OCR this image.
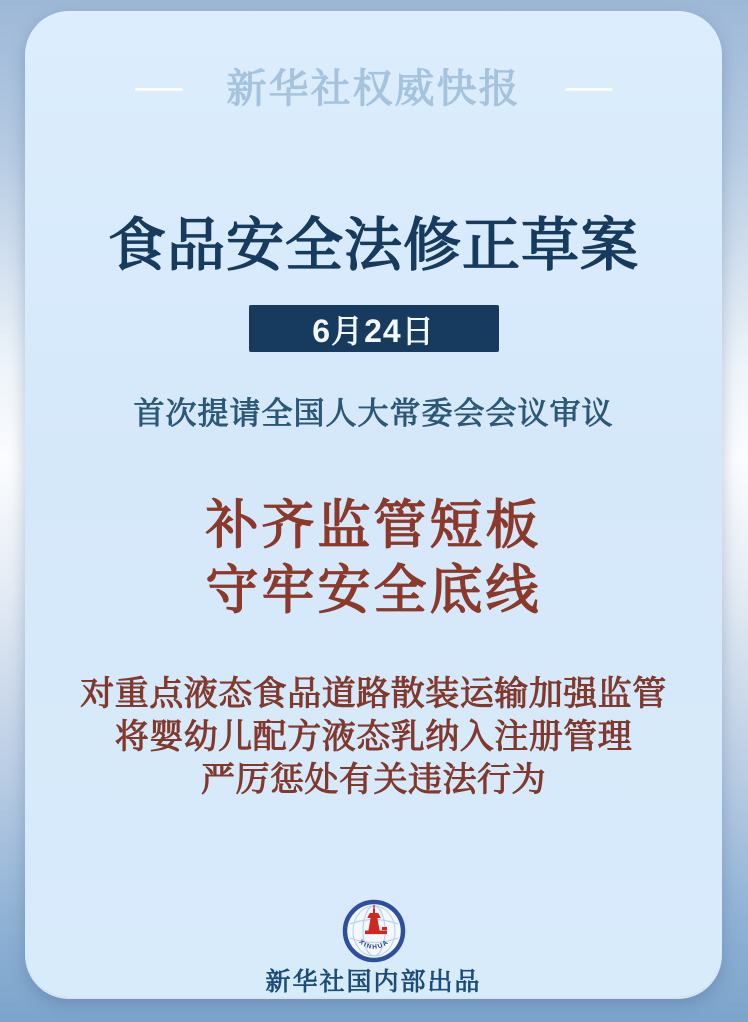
新华社权威快报
食品安全法修正草案
6月24日
首次提请全国人大常委会会议审议
补齐监管短板
守牢安全底线
对重点液态食品道路散装运输加强监管
将婴幼儿配方液态乳纳入注册管理
严厉惩处有关违法行为
XINHUA
新华社国内部出品
